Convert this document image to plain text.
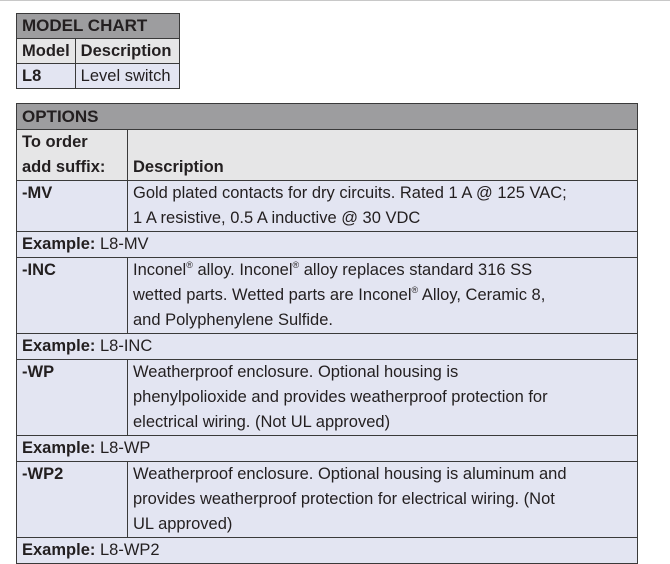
MODEL CHART	
Model	Description
L8	Level switch
OPTIONS	
To order
add suffix:	Description
-MV	Gold plated contacts for dry circuits. Rated 1 A @ 125 VAC;
1 A resistive, 0.5 A inductive @ 30 VDC
Example: L8-MV	
-INC	Inconel® alloy. Inconel® alloy replaces standard 316 SS
wetted parts. Wetted parts are Inconel® Alloy, Ceramic 8,
and Polyphenylene Sulfide.
Example: L8-INC	
-WP	Weatherproof enclosure. Optional housing is
phenylpolioxide and provides weatherproof protection for
electrical wiring. (Not UL approved)
Example: L8-WP	
-WP2	Weatherproof enclosure. Optional housing is aluminum and
provides weatherproof protection for electrical wiring. (Not
UL approved)
Example: L8-WP2	
